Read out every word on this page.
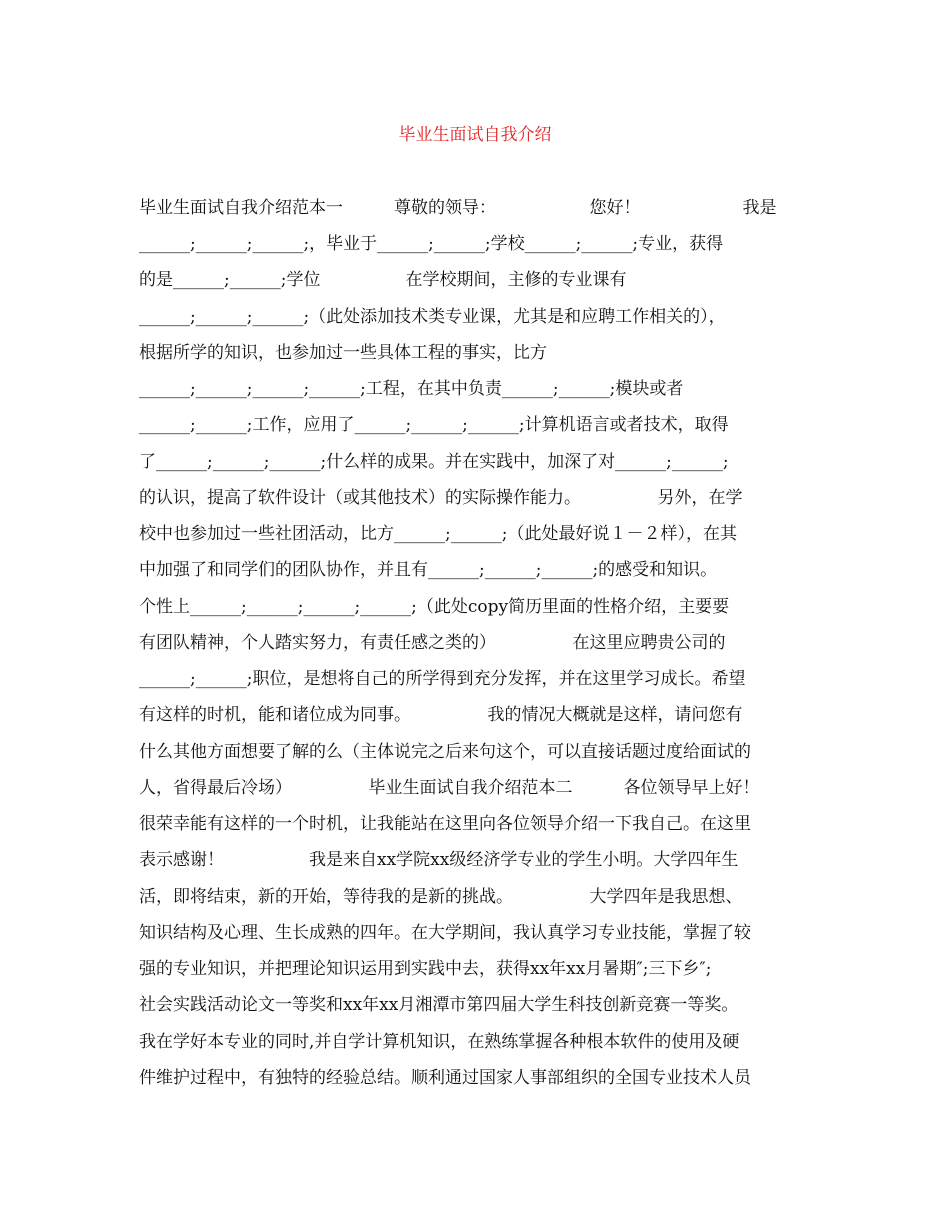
毕业生面试自我介绍
毕业生面试自我介绍范本一　　　尊敬的领导：　　　　　　您好！　　　　　　我是
______;______;______;，毕业于______;______;学校______;______;专业，获得
的是______;______;学位　　　　　在学校期间，主修的专业课有
______;______;______;（此处添加技术类专业课，尤其是和应聘工作相关的），
根据所学的知识，也参加过一些具体工程的事实，比方
______;______;______;______;工程，在其中负责______;______;模块或者
______;______;工作，应用了______;______;______;计算机语言或者技术，取得
了______;______;______;什么样的成果。并在实践中，加深了对______;______;
的认识，提高了软件设计（或其他技术）的实际操作能力。　　　　　另外，在学
校中也参加过一些社团活动，比方______;______;（此处最好说１－２样），在其
中加强了和同学们的团队协作，并且有______;______;______;的感受和知识。
个性上______;______;______;______;（此处copy简历里面的性格介绍，主要要
有团队精神，个人踏实努力，有责任感之类的）　　　　　在这里应聘贵公司的
______;______;职位，是想将自己的所学得到充分发挥，并在这里学习成长。希望
有这样的时机，能和诸位成为同事。　　　　　我的情况大概就是这样，请问您有
什么其他方面想要了解的么（主体说完之后来句这个，可以直接话题过度给面试的
人，省得最后冷场）　　　　　毕业生面试自我介绍范本二　　　各位领导早上好！
很荣幸能有这样的一个时机，让我能站在这里向各位领导介绍一下我自己。在这里
表示感谢！　　　　　我是来自xx学院xx级经济学专业的学生小明。大学四年生
活，即将结束，新的开始，等待我的是新的挑战。　　　　　大学四年是我思想、
知识结构及心理、生长成熟的四年。在大学期间，我认真学习专业技能，掌握了较
强的专业知识，并把理论知识运用到实践中去，获得xx年xx月暑期″;三下乡″;
社会实践活动论文一等奖和xx年xx月湘潭市第四届大学生科技创新竞赛一等奖。
我在学好本专业的同时,并自学计算机知识，在熟练掌握各种根本软件的使用及硬
件维护过程中，有独特的经验总结。顺利通过国家人事部组织的全国专业技术人员
